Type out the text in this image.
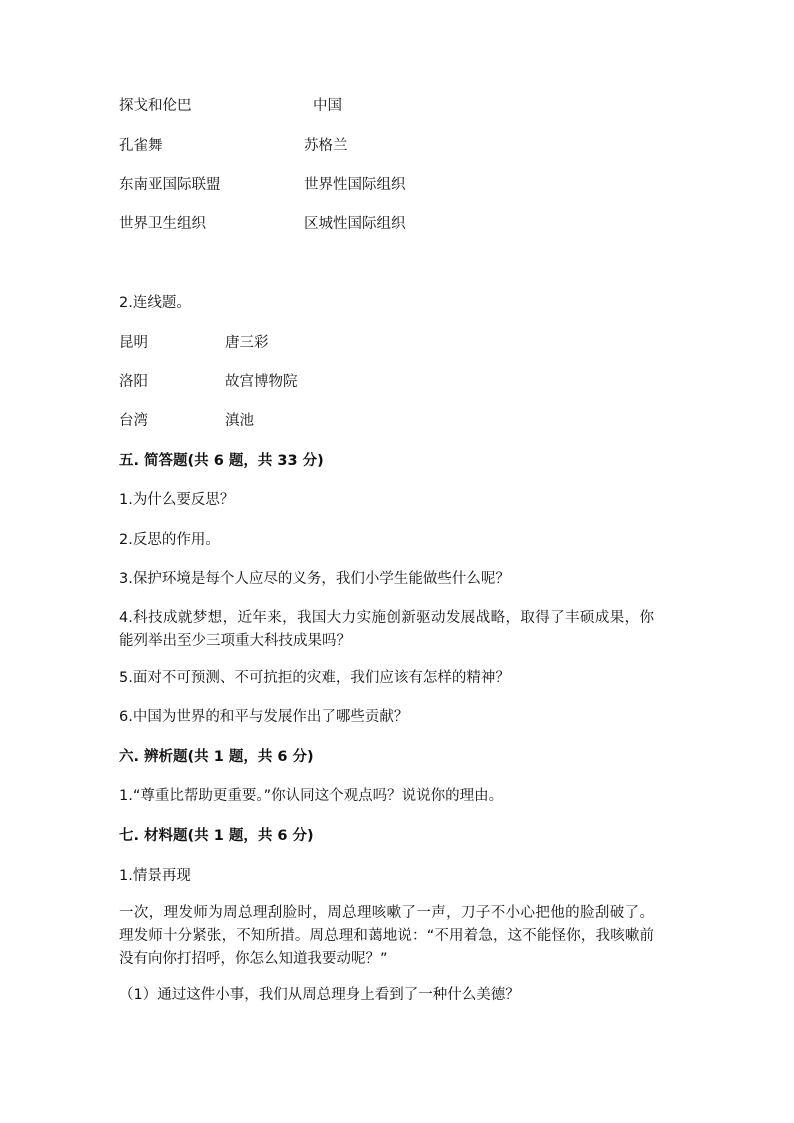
探戈和伦巴	中国
孔雀舞	苏格兰
东南亚国际联盟	世界性国际组织
世界卫生组织	区城性国际组织
2.连线题。
昆明	唐三彩
洛阳	故宫博物院
台湾	滇池
五. 简答题(共 6 题，共 33 分)
1.为什么要反思？
2.反思的作用。
3.保护环境是每个人应尽的义务，我们小学生能做些什么呢？
4.科技成就梦想，近年来，我国大力实施创新驱动发展战略，取得了丰硕成果，你能列举出至少三项重大科技成果吗？
5.面对不可预测、不可抗拒的灾难，我们应该有怎样的精神？
6.中国为世界的和平与发展作出了哪些贡献？
六. 辨析题(共 1 题，共 6 分)
1.“尊重比帮助更重要。”你认同这个观点吗？说说你的理由。
七. 材料题(共 1 题，共 6 分)
1.情景再现
一次，理发师为周总理刮脸时，周总理咳嗽了一声，刀子不小心把他的脸刮破了。理发师十分紧张，不知所措。周总理和蔼地说：“不用着急，这不能怪你，我咳嗽前没有向你打招呼，你怎么知道我要动呢？”
（1）通过这件小事，我们从周总理身上看到了一种什么美德？
